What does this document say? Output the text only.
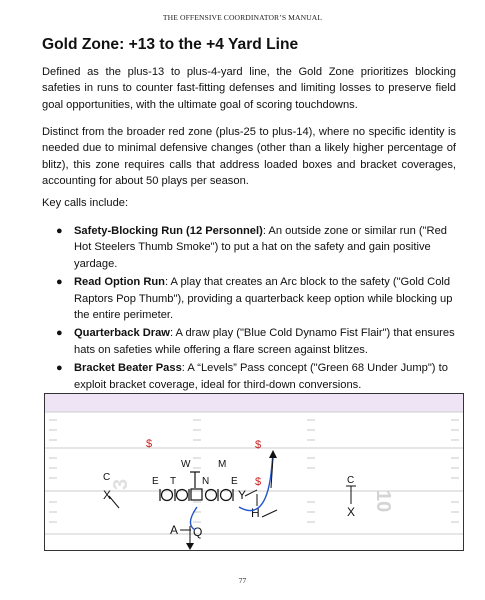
THE OFFENSIVE COORDINATOR’S MANUAL
Gold Zone: +13 to the +4 Yard Line

Defined as the plus-13 to plus-4-yard line, the Gold Zone prioritizes blocking safeties in runs to counter fast-fitting defenses and limiting losses to preserve field goal opportunities, with the ultimate goal of scoring touchdowns.

Distinct from the broader red zone (plus-25 to plus-14), where no specific identity is needed due to minimal defensive changes (other than a likely higher percentage of blitz), this zone requires calls that address loaded boxes and bracket coverages, accounting for about 50 plays per season.

Key calls include:

● Safety-Blocking Run (12 Personnel): An outside zone or similar run ("Red Hot Steelers Thumb Smoke") to put a hat on the safety and gain positive yardage.
● Read Option Run: A play that creates an Arc block to the safety ("Gold Cold Raptors Pop Thumb"), providing a quarterback keep option while blocking up the entire perimeter.
● Quarterback Draw: A draw play ("Blue Cold Dynamo Fist Flair") that ensures hats on safeties while offering a flare screen against blitzes.
● Bracket Beater Pass: A “Levels” Pass concept ("Green 68 Under Jump") to exploit bracket coverage, ideal for third-down conversions.
10
3
$	$
$
C
W	M
E T	N E	C
X	Y
H
A Q
X
77
